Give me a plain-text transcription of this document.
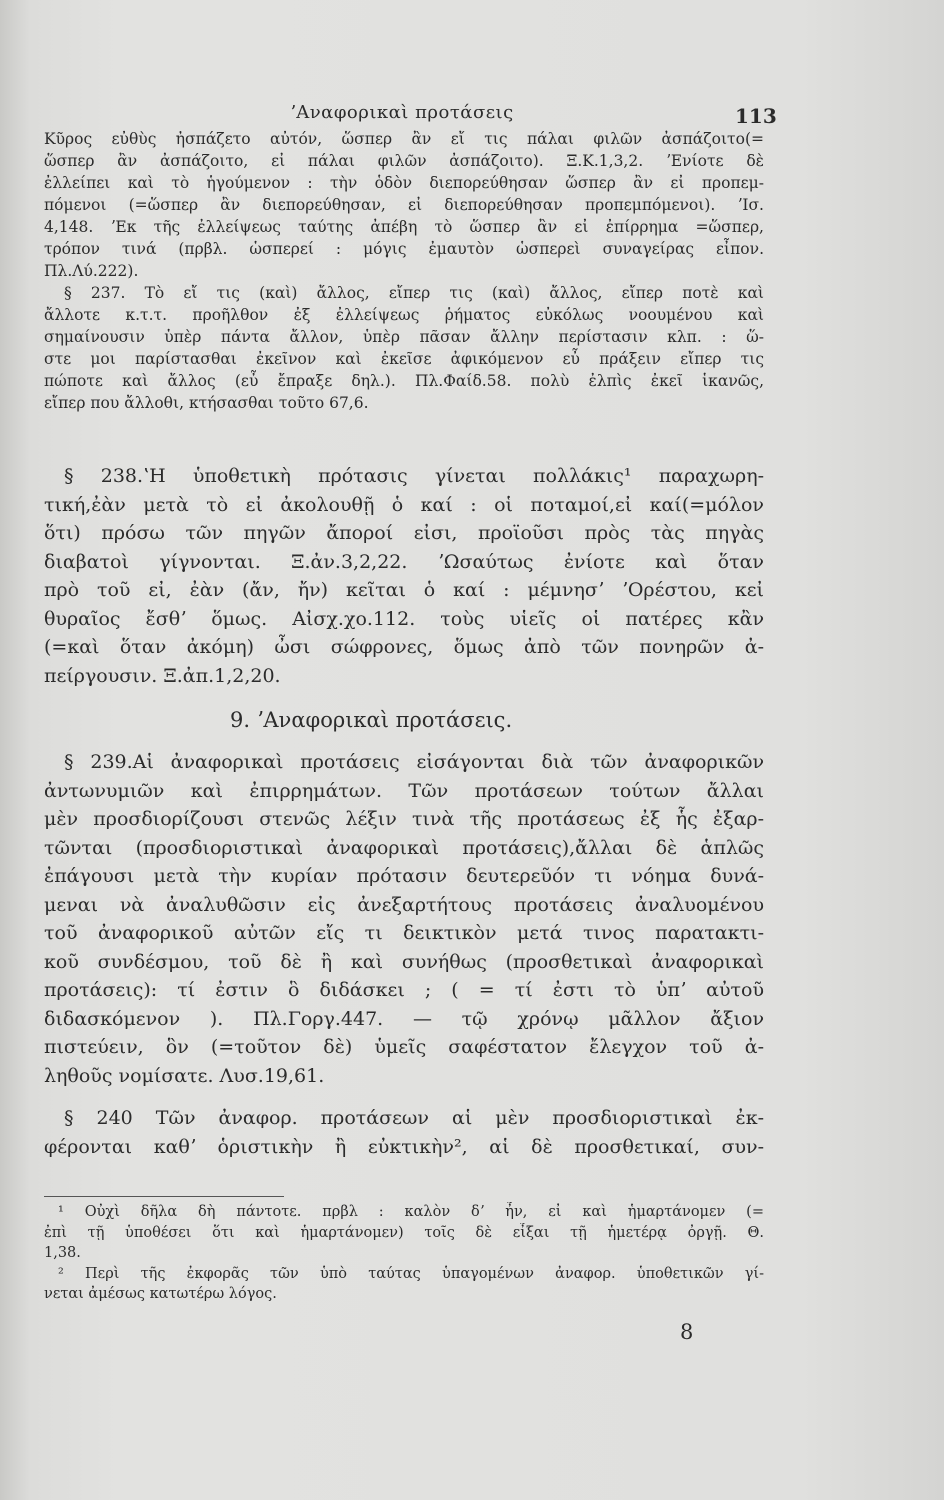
ʼΑναφορικαὶ προτάσεις	113
Κῦρος εὐθὺς ἠσπάζετο αὐτόν, ὥσπερ ἂν εἴ τις πάλαι φιλῶν ἀσπάζοιτο(=
ὥσπερ ἂν ἀσπάζοιτο, εἰ πάλαι φιλῶν ἀσπάζοιτο). Ξ.Κ.1,3,2. ʼΕνίοτε δὲ
ἐλλείπει καὶ τὸ ἡγούμενον : τὴν ὁδὸν διεπορεύθησαν ὥσπερ ἂν εἰ προπεμ-
πόμενοι (=ὥσπερ ἂν διεπορεύθησαν, εἰ διεπορεύθησαν προπεμπόμενοι). ʼΙσ.
4,148. ʼΕκ τῆς ἐλλείψεως ταύτης ἀπέβη τὸ ὥσπερ ἂν εἰ ἐπίρρημα =ὥσπερ,
τρόπον τινά (πρβλ. ὡσπερεί : μόγις ἐμαυτὸν ὡσπερεὶ συναγείρας εἶπον.
Πλ.Λύ.222).
§ 237. Τὸ εἴ τις (καὶ) ἄλλος, εἴπερ τις (καὶ) ἄλλος, εἴπερ ποτὲ καὶ
ἄλλοτε κ.τ.τ. προῆλθον ἐξ ἐλλείψεως ῥήματος εὐκόλως νοουμένου καὶ
σημαίνουσιν ὑπὲρ πάντα ἄλλον, ὑπὲρ πᾶσαν ἄλλην περίστασιν κλπ. : ὥ-
στε μοι παρίστασθαι ἐκεῖνον καὶ ἐκεῖσε ἀφικόμενον εὖ πράξειν εἴπερ τις
πώποτε καὶ ἄλλος (εὖ ἔπραξε δηλ.). Πλ.Φαίδ.58. πολὺ ἐλπὶς ἐκεῖ ἱκανῶς,
εἴπερ που ἄλλοθι, κτήσασθαι τοῦτο 67,6.
§ 238.ʽΗ ὑποθετικὴ πρότασις γίνεται πολλάκις¹ παραχωρη-
τική,ἐὰν μετὰ τὸ εἰ ἀκολουθῇ ὁ καί : οἱ ποταμοί,εἰ καί(=μόλον
ὅτι) πρόσω τῶν πηγῶν ἄποροί εἰσι, προϊοῦσι πρὸς τὰς πηγὰς
διαβατοὶ γίγνονται. Ξ.ἀν.3,2,22. ʼΩσαύτως ἐνίοτε καὶ ὅταν
πρὸ τοῦ εἰ, ἐὰν (ἄν, ἤν) κεῖται ὁ καί : μέμνησʼ ʼΟρέστου, κεἰ
θυραῖος ἔσθʼ ὅμως. Αἰσχ.χο.112. τοὺς υἱεῖς οἱ πατέρες κἂν
(=καὶ ὅταν ἀκόμη) ὦσι σώφρονες, ὅμως ἀπὸ τῶν πονηρῶν ἀ-
πείργουσιν. Ξ.ἀπ.1,2,20.
9. ʼΑναφορικαὶ προτάσεις.
§ 239.Αἱ ἀναφορικαὶ προτάσεις εἰσάγονται διὰ τῶν ἀναφορικῶν
ἀντωνυμιῶν καὶ ἐπιρρημάτων. Τῶν προτάσεων τούτων ἄλλαι
μὲν προσδιορίζουσι στενῶς λέξιν τινὰ τῆς προτάσεως ἐξ ἧς ἐξαρ-
τῶνται (προσδιοριστικαὶ ἀναφορικαὶ προτάσεις),ἄλλαι δὲ ἁπλῶς
ἐπάγουσι μετὰ τὴν κυρίαν πρότασιν δευτερεῦόν τι νόημα δυνά-
μεναι νὰ ἀναλυθῶσιν εἰς ἀνεξαρτήτους προτάσεις ἀναλυομένου
τοῦ ἀναφορικοῦ αὐτῶν εἴς τι δεικτικὸν μετά τινος παρατακτι-
κοῦ συνδέσμου, τοῦ δὲ ἢ καὶ συνήθως (προσθετικαὶ ἀναφορικαὶ
προτάσεις): τί ἐστιν ὃ διδάσκει ; ( = τί ἐστι τὸ ὑπʼ αὐτοῦ
διδασκόμενον ). Πλ.Γοργ.447. — τῷ χρόνῳ μᾶλλον ἄξιον
πιστεύειν, ὃν (=τοῦτον δὲ) ὑμεῖς σαφέστατον ἔλεγχον τοῦ ἀ-
ληθοῦς νομίσατε. Λυσ.19,61.
§ 240 Τῶν ἀναφορ. προτάσεων αἱ μὲν προσδιοριστικαὶ ἐκ-
φέρονται καθʼ ὁριστικὴν ἢ εὐκτικὴν², αἱ δὲ προσθετικαί, συν-
¹ Οὐχὶ δῆλα δὴ πάντοτε. πρβλ : καλὸν δʼ ἦν, εἰ καὶ ἡμαρτάνομεν (=
ἐπὶ τῇ ὑποθέσει ὅτι καὶ ἡμαρτάνομεν) τοῖς δὲ εἶξαι τῇ ἡμετέρᾳ ὀργῇ. Θ.
1,38.
² Περὶ τῆς ἐκφορᾶς τῶν ὑπὸ ταύτας ὑπαγομένων ἀναφορ. ὑποθετικῶν γί-
νεται ἀμέσως κατωτέρω λόγος.
8
